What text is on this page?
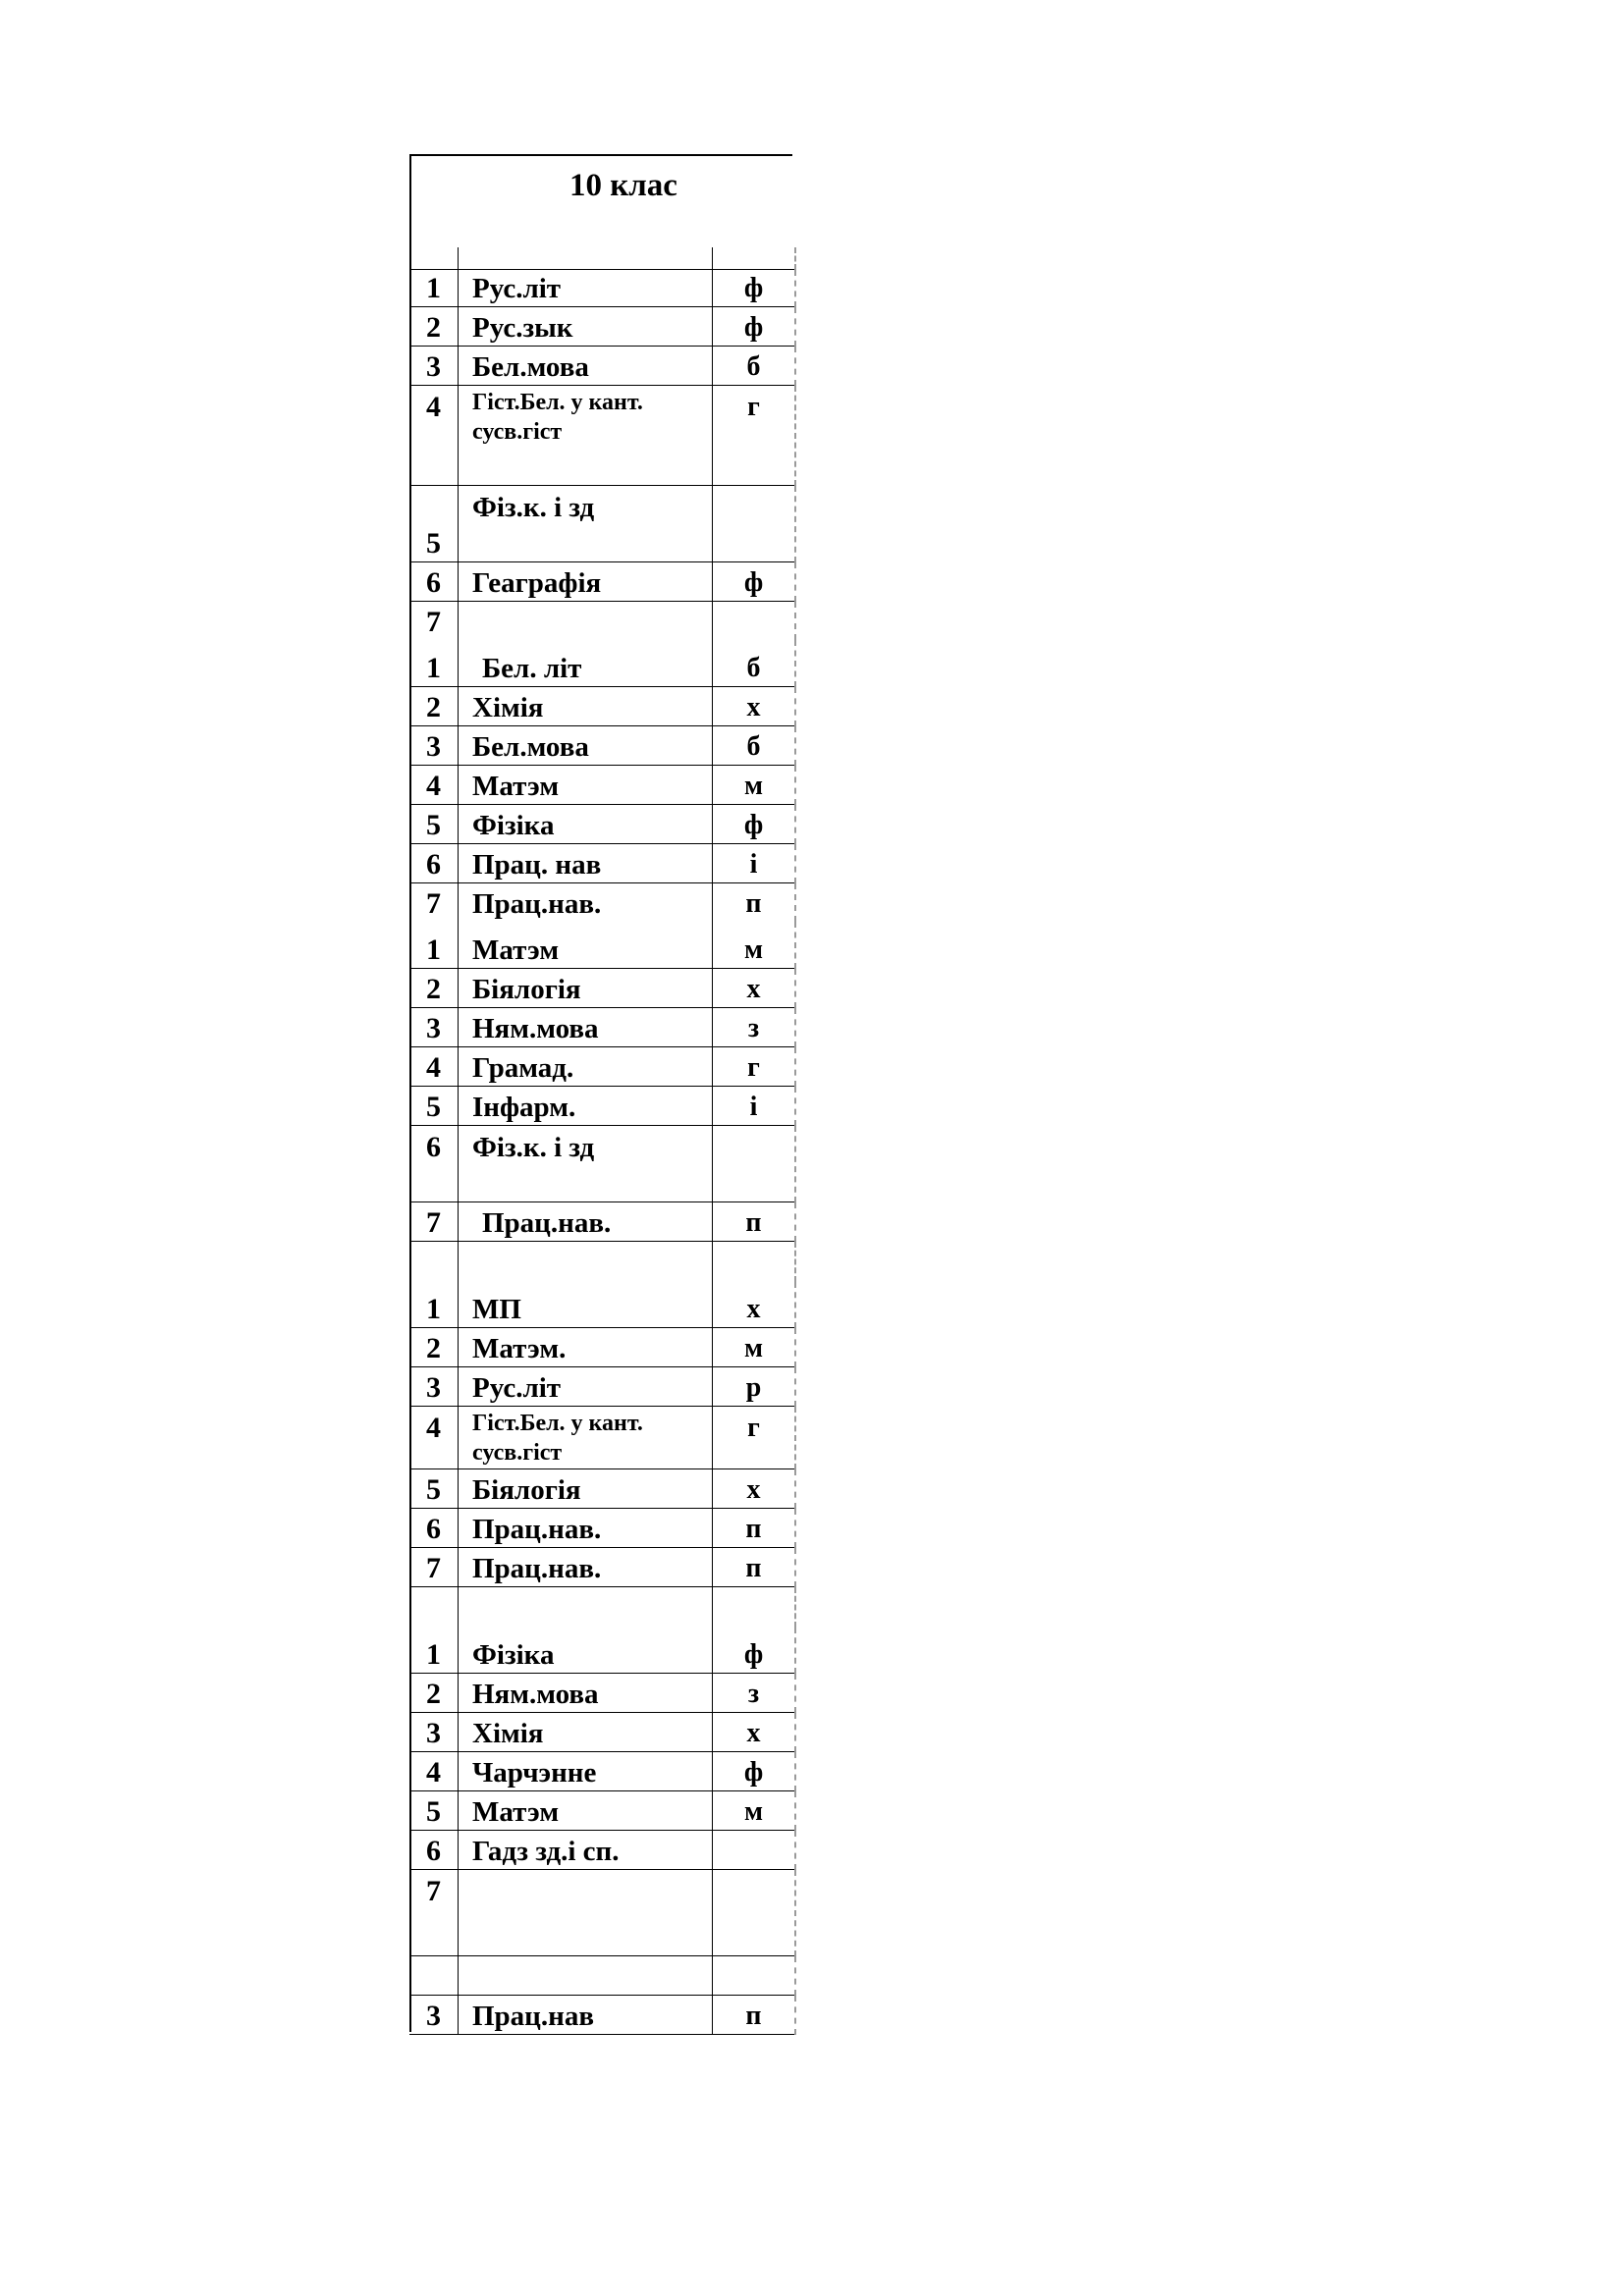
10 клас

1	Рус.літ	ф
2	Рус.зык	ф
3	Бел.мова	б
4	Гіст.Бел. у кант. сусв.гіст	г
5	Фіз.к. і зд	
6	Геаграфія	ф
7		
1	Бел. літ	б
2	Хімія	х
3	Бел.мова	б
4	Матэм	м
5	Фізіка	ф
6	Прац. нав	і
7	Прац.нав.	п
1	Матэм	м
2	Біялогія	х
3	Ням.мова	з
4	Грамад.	г
5	Інфарм.	і
6	Фіз.к. і зд	
7	Прац.нав.	п

1	МП	х
2	Матэм.	м
3	Рус.літ	р
4	Гіст.Бел. у кант. сусв.гіст	г
5	Біялогія	х
6	Прац.нав.	п
7	Прац.нав.	п

1	Фізіка	ф
2	Ням.мова	з
3	Хімія	х
4	Чарчэнне	ф
5	Матэм	м
6	Гадз зд.і сп.	
7		

3	Прац.нав	п
